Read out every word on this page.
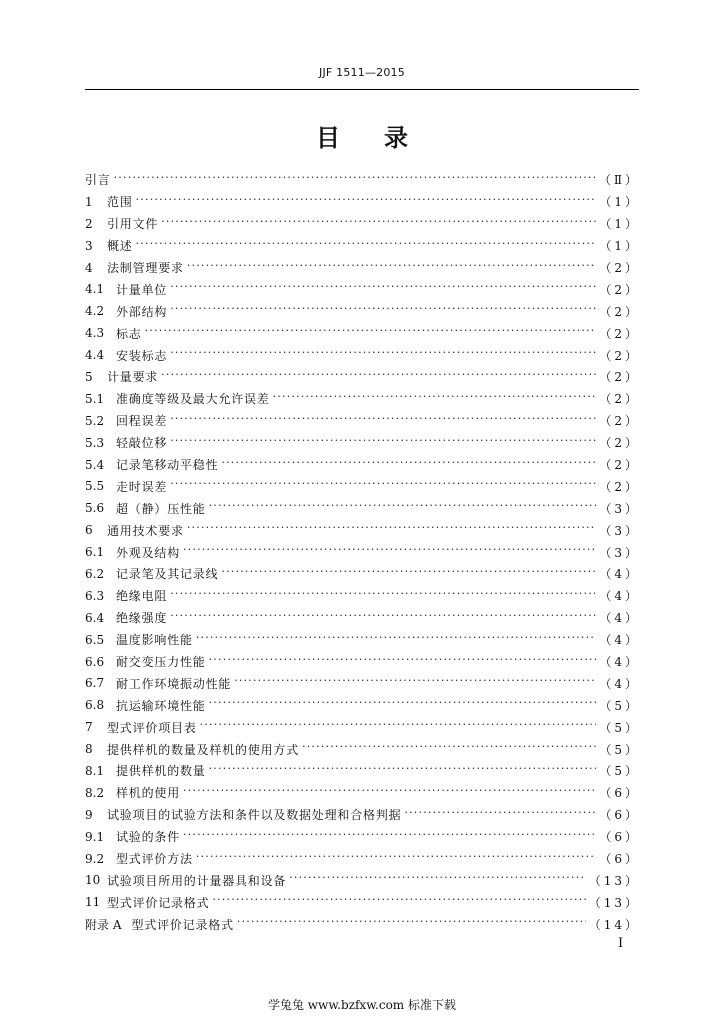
JJF 1511—2015
目录
引言 ·····	（Ⅱ）
1	范围 ·····	（1）
2	引用文件 ·····	（1）
3	概述 ·····	（1）
4	法制管理要求 ·····	（2）
4.1 计量单位 ·····	（2）
4.2 外部结构 ·····	（2）
4.3 标志 ·····	（2）
4.4 安装标志 ·····	（2）
5	计量要求 ·····	（2）
5.1 准确度等级及最大允许误差 ·····	（2）
5.2 回程误差 ·····	（2）
5.3 轻敲位移 ·····	（2）
5.4 记录笔移动平稳性 ·····	（2）
5.5 走时误差 ·····	（2）
5.6 超（静）压性能 ·····	（3）
6	通用技术要求 ·····	（3）
6.1 外观及结构 ·····	（3）
6.2 记录笔及其记录线 ·····	（4）
6.3 绝缘电阻 ·····	（4）
6.4 绝缘强度 ·····	（4）
6.5 温度影响性能 ·····	（4）
6.6 耐交变压力性能 ·····	（4）
6.7 耐工作环境振动性能 ·····	（4）
6.8 抗运输环境性能 ·····	（5）
7	型式评价项目表 ·····	（5）
8	提供样机的数量及样机的使用方式 ·····	（5）
8.1 提供样机的数量 ·····	（5）
8.2 样机的使用 ·····	（6）
9	试验项目的试验方法和条件以及数据处理和合格判据 ·····	（6）
9.1 试验的条件 ·····	（6）
9.2 型式评价方法 ·····	（6）
10 试验项目所用的计量器具和设备 ·····	（13）
11 型式评价记录格式 ·····	（13）
附录 A 型式评价记录格式 ·····	（14）
I
学兔兔 www.bzfxw.com 标准下载
